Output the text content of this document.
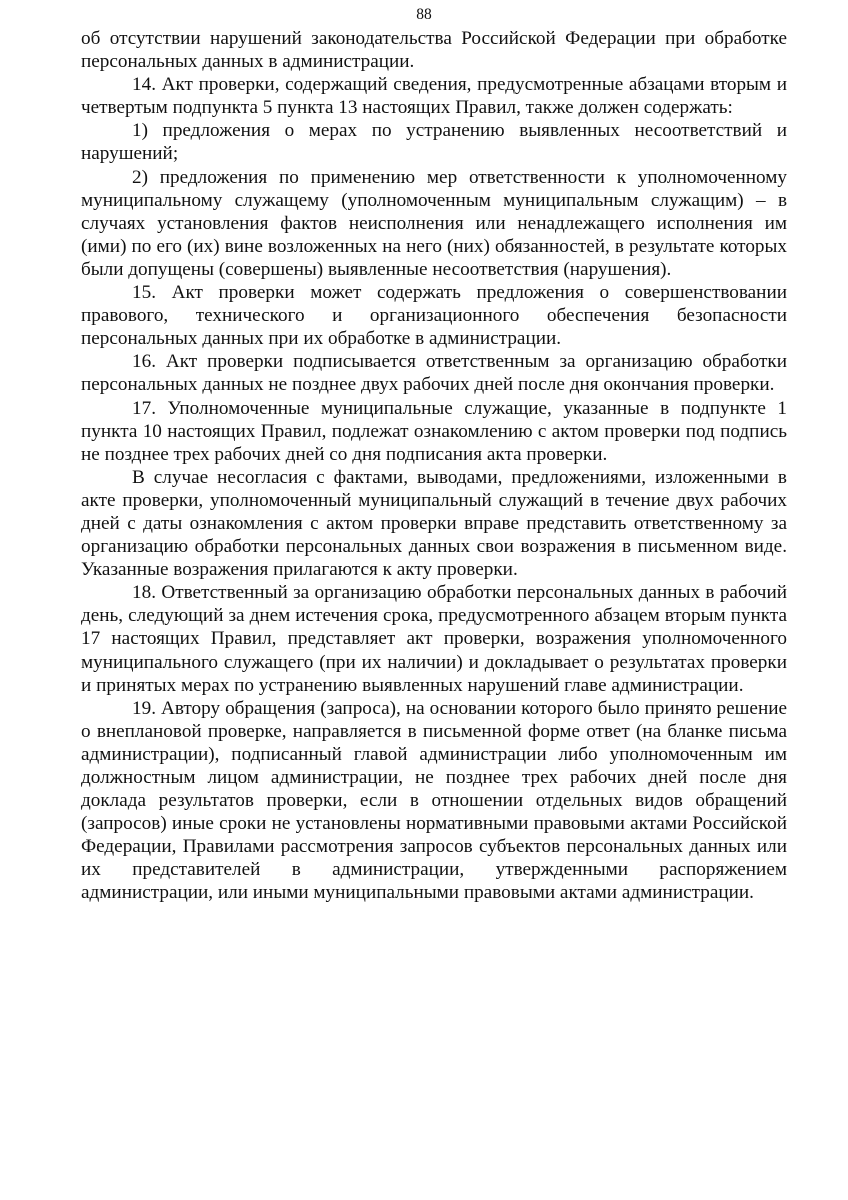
88

об отсутствии нарушений законодательства Российской Федерации при обработке персональных данных в администрации.

14. Акт проверки, содержащий сведения, предусмотренные абзацами вторым и четвертым подпункта 5 пункта 13 настоящих Правил, также должен содержать:

1) предложения о мерах по устранению выявленных несоответствий и нарушений;

2) предложения по применению мер ответственности к уполномоченному муниципальному служащему (уполномоченным муниципальным служащим) – в случаях установления фактов неисполнения или ненадлежащего исполнения им (ими) по его (их) вине возложенных на него (них) обязанностей, в результате которых были допущены (совершены) выявленные несоответствия (нарушения).

15. Акт проверки может содержать предложения о совершенствовании правового, технического и организационного обеспечения безопасности персональных данных при их обработке в администрации.

16. Акт проверки подписывается ответственным за организацию обработки персональных данных не позднее двух рабочих дней после дня окончания проверки.

17. Уполномоченные муниципальные служащие, указанные в подпункте 1 пункта 10 настоящих Правил, подлежат ознакомлению с актом проверки под подпись не позднее трех рабочих дней со дня подписания акта проверки.

В случае несогласия с фактами, выводами, предложениями, изложенными в акте проверки, уполномоченный муниципальный служащий в течение двух рабочих дней с даты ознакомления с актом проверки вправе представить ответственному за организацию обработки персональных данных свои возражения в письменном виде. Указанные возражения прилагаются к акту проверки.

18. Ответственный за организацию обработки персональных данных в рабочий день, следующий за днем истечения срока, предусмотренного абзацем вторым пункта 17 настоящих Правил, представляет акт проверки, возражения уполномоченного муниципального служащего (при их наличии) и докладывает о результатах проверки и принятых мерах по устранению выявленных нарушений главе администрации.

19. Автору обращения (запроса), на основании которого было принято решение о внеплановой проверке, направляется в письменной форме ответ (на бланке письма администрации), подписанный главой администрации либо уполномоченным им должностным лицом администрации, не позднее трех рабочих дней после дня доклада результатов проверки, если в отношении отдельных видов обращений (запросов) иные сроки не установлены нормативными правовыми актами Российской Федерации, Правилами рассмотрения запросов субъектов персональных данных или их представителей в администрации, утвержденными распоряжением администрации, или иными муниципальными правовыми актами администрации.
